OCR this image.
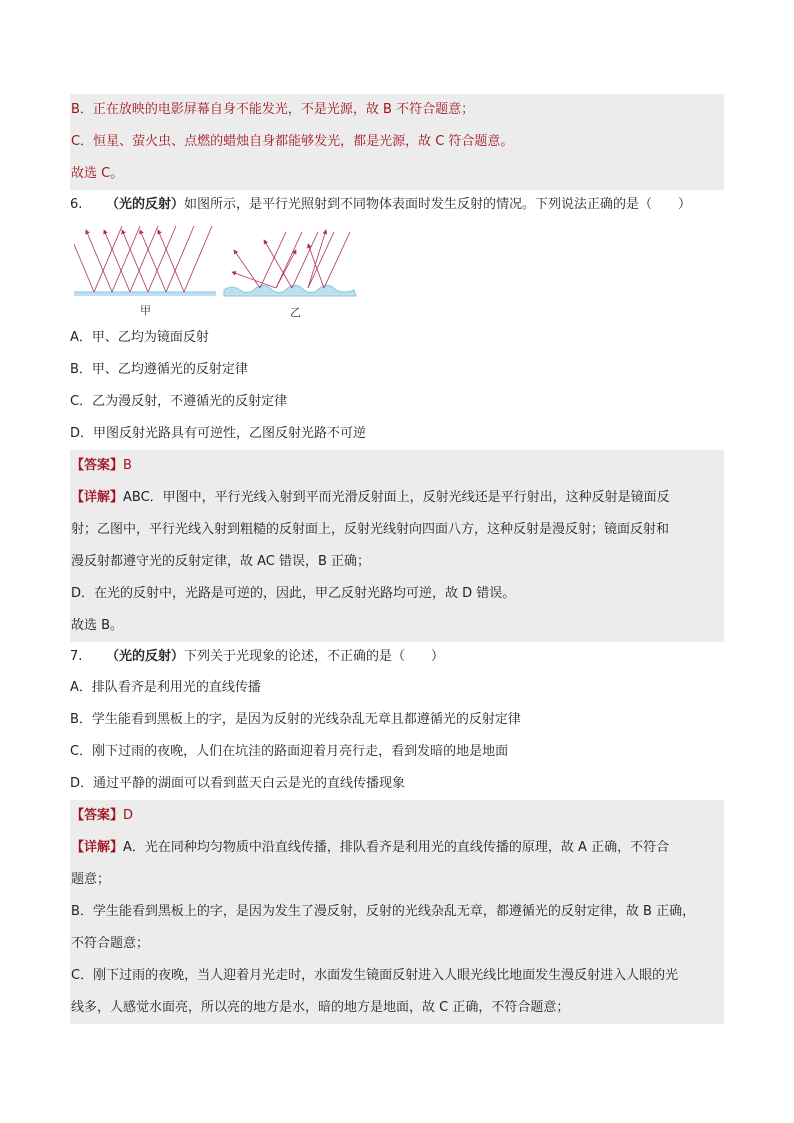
B．正在放映的电影屏幕自身不能发光，不是光源，故 B 不符合题意；
C．恒星、萤火虫、点燃的蜡烛自身都能够发光，都是光源，故 C 符合题意。
故选 C。
6. （光的反射）如图所示，是平行光照射到不同物体表面时发生反射的情况。下列说法正确的是（　　）
甲	乙
A．甲、乙均为镜面反射
B．甲、乙均遵循光的反射定律
C．乙为漫反射，不遵循光的反射定律
D．甲图反射光路具有可逆性，乙图反射光路不可逆
【答案】B
【详解】ABC．甲图中，平行光线入射到平而光滑反射面上，反射光线还是平行射出，这种反射是镜面反
射；乙图中，平行光线入射到粗糙的反射面上，反射光线射向四面八方，这种反射是漫反射；镜面反射和
漫反射都遵守光的反射定律，故 AC 错误，B 正确；
D．在光的反射中，光路是可逆的，因此，甲乙反射光路均可逆，故 D 错误。
故选 B。
7. （光的反射）下列关于光现象的论述，不正确的是（　　）
A．排队看齐是利用光的直线传播
B．学生能看到黑板上的字，是因为反射的光线杂乱无章且都遵循光的反射定律
C．刚下过雨的夜晚，人们在坑洼的路面迎着月亮行走，看到发暗的地是地面
D．通过平静的湖面可以看到蓝天白云是光的直线传播现象
【答案】D
【详解】A．光在同种均匀物质中沿直线传播，排队看齐是利用光的直线传播的原理，故 A 正确，不符合
题意；
B．学生能看到黑板上的字，是因为发生了漫反射，反射的光线杂乱无章，都遵循光的反射定律，故 B 正确，
不符合题意；
C．刚下过雨的夜晚，当人迎着月光走时，水面发生镜面反射进入人眼光线比地面发生漫反射进入人眼的光
线多，人感觉水面亮，所以亮的地方是水，暗的地方是地面，故 C 正确，不符合题意；
